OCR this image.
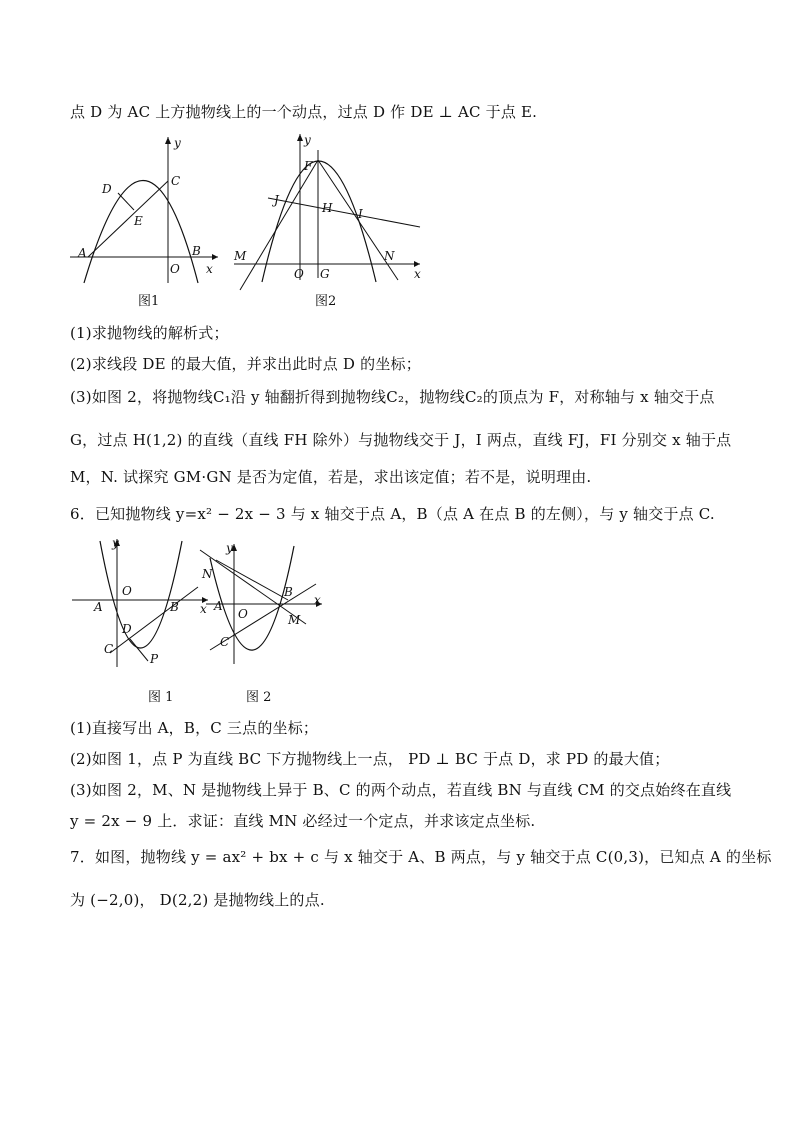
点 D 为 AC 上方抛物线上的一个动点，过点 D 作 DE ⊥ AC 于点 E.
y
x
O
A	B
C
D
E
图1
y
x
O G
F
H I
J
M	N
图2
(1)求抛物线的解析式；
(2)求线段 DE 的最大值，并求出此时点 D 的坐标；
(3)如图 2，将抛物线C₁沿 y 轴翻折得到抛物线C₂，抛物线C₂的顶点为 F，对称轴与 x 轴交于点
G，过点 H(1,2) 的直线（直线 FH 除外）与抛物线交于 J，I 两点，直线 FJ，FI 分别交 x 轴于点
M，N. 试探究 GM·GN 是否为定值，若是，求出该定值；若不是，说明理由.
6．已知抛物线 y=x² − 2x − 3 与 x 轴交于点 A，B（点 A 在点 B 的左侧），与 y 轴交于点 C.
y
x
O
A	B
C
D
P
图 1
y
x
O
A
B
C
N
M
图 2
(1)直接写出 A，B，C 三点的坐标；
(2)如图 1，点 P 为直线 BC 下方抛物线上一点， PD ⊥ BC 于点 D，求 PD 的最大值；
(3)如图 2，M、N 是抛物线上异于 B、C 的两个动点，若直线 BN 与直线 CM 的交点始终在直线
y = 2x − 9 上．求证：直线 MN 必经过一个定点，并求该定点坐标.
7．如图，抛物线 y = ax² + bx + c 与 x 轴交于 A、B 两点，与 y 轴交于点 C(0,3)，已知点 A 的坐标
为 (−2,0)， D(2,2) 是抛物线上的点.
